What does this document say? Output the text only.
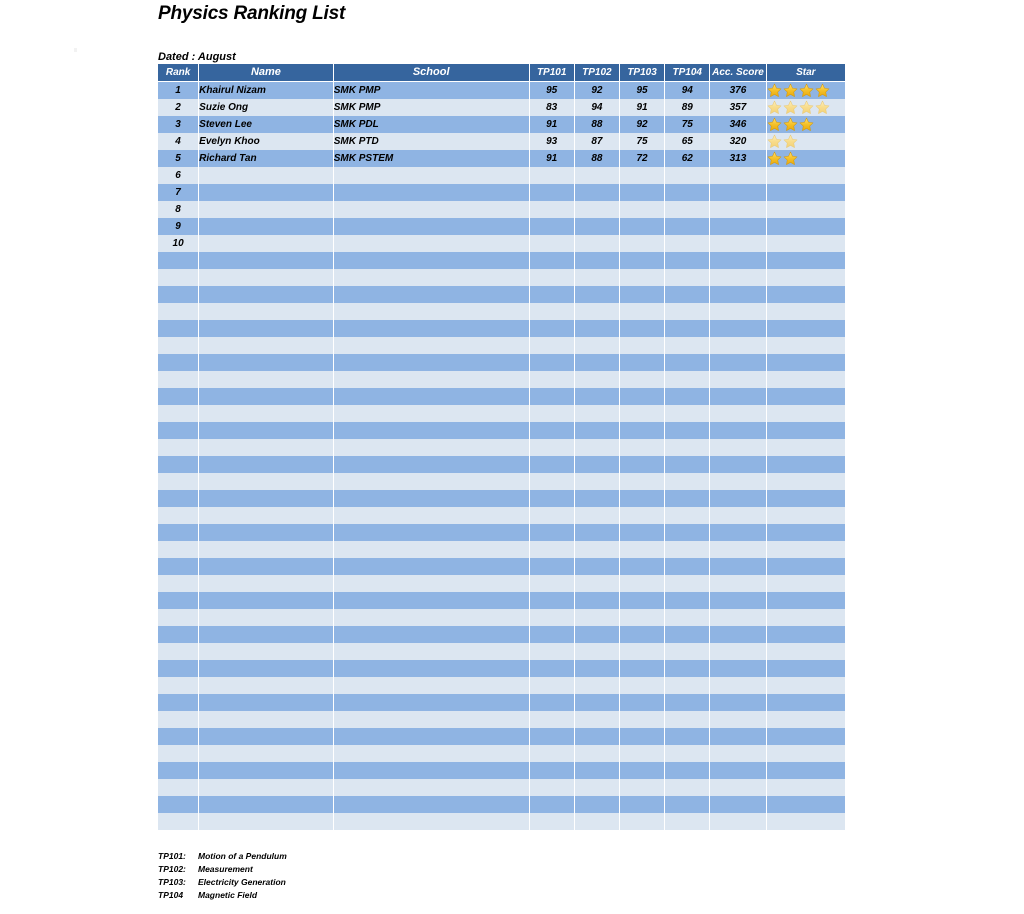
Physics Ranking List
Dated : August
				Score					
Rank	Name	School	TP101	TP102	TP103	TP104	Acc. Score	Star
1	Khairul Nizam	SMK PMP	95	92	95	94	376	
2	Suzie Ong	SMK PMP	83	94	91	89	357	
3	Steven Lee	SMK PDL	91	88	92	75	346	
4	Evelyn Khoo	SMK PTD	93	87	75	65	320	
5	Richard Tan	SMK PSTEM	91	88	72	62	313	
6								
7								
8								
9								
10								

TP101: Motion of a Pendulum
TP102: Measurement
TP103: Electricity Generation
TP104 Magnetic Field
